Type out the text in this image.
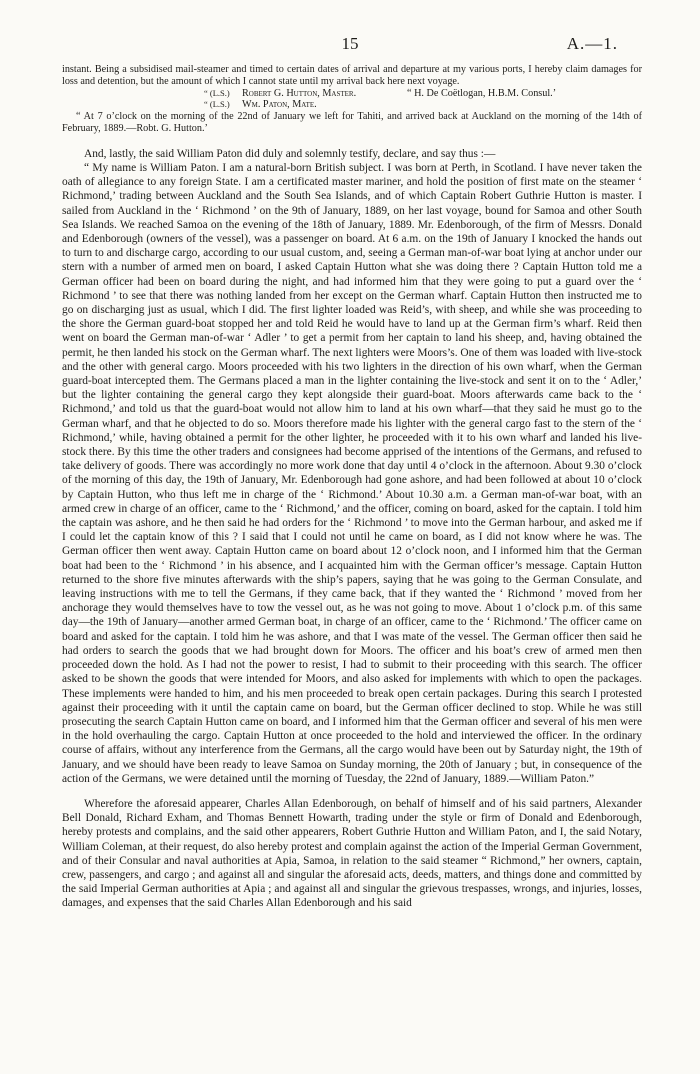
15	A.—1.

instant. Being a subsidised mail-steamer and timed to certain dates of arrival and departure at my various ports, I hereby claim damages for loss and detention, but the amount of which I cannot state until my arrival back here next voyage.

“ (L.S.)	Robert G. Hutton, Master.	“ H. De Coëtlogan, H.B.M. Consul.’
“ (L.S.)	Wm. Paton, Mate.

“ At 7 o’clock on the morning of the 22nd of January we left for Tahiti, and arrived back at Auckland on the morning of the 14th of February, 1889.—Robt. G. Hutton.’

And, lastly, the said William Paton did duly and solemnly testify, declare, and say thus :—

“ My name is William Paton. I am a natural-born British subject. I was born at Perth, in Scotland. I have never taken the oath of allegiance to any foreign State. I am a certificated master mariner, and hold the position of first mate on the steamer ‘ Richmond,’ trading between Auckland and the South Sea Islands, and of which Captain Robert Guthrie Hutton is master. I sailed from Auckland in the ‘ Richmond ’ on the 9th of January, 1889, on her last voyage, bound for Samoa and other South Sea Islands. We reached Samoa on the evening of the 18th of January, 1889. Mr. Edenborough, of the firm of Messrs. Donald and Edenborough (owners of the vessel), was a passenger on board. At 6 a.m. on the 19th of January I knocked the hands out to turn to and discharge cargo, according to our usual custom, and, seeing a German man-of-war boat lying at anchor under our stern with a number of armed men on board, I asked Captain Hutton what she was doing there ? Captain Hutton told me a German officer had been on board during the night, and had informed him that they were going to put a guard over the ‘ Richmond ’ to see that there was nothing landed from her except on the German wharf. Captain Hutton then instructed me to go on discharging just as usual, which I did. The first lighter loaded was Reid’s, with sheep, and while she was proceeding to the shore the German guard-boat stopped her and told Reid he would have to land up at the German firm’s wharf. Reid then went on board the German man-of-war ‘ Adler ’ to get a permit from her captain to land his sheep, and, having obtained the permit, he then landed his stock on the German wharf. The next lighters were Moors’s. One of them was loaded with live-stock and the other with general cargo. Moors proceeded with his two lighters in the direction of his own wharf, when the German guard-boat intercepted them. The Germans placed a man in the lighter containing the live-stock and sent it on to the ‘ Adler,’ but the lighter containing the general cargo they kept alongside their guard-boat. Moors afterwards came back to the ‘ Richmond,’ and told us that the guard-boat would not allow him to land at his own wharf—that they said he must go to the German wharf, and that he objected to do so. Moors therefore made his lighter with the general cargo fast to the stern of the ‘ Richmond,’ while, having obtained a permit for the other lighter, he proceeded with it to his own wharf and landed his live-stock there. By this time the other traders and consignees had become apprised of the intentions of the Germans, and refused to take delivery of goods. There was accordingly no more work done that day until 4 o’clock in the afternoon. About 9.30 o’clock of the morning of this day, the 19th of January, Mr. Edenborough had gone ashore, and had been followed at about 10 o’clock by Captain Hutton, who thus left me in charge of the ‘ Richmond.’ About 10.30 a.m. a German man-of-war boat, with an armed crew in charge of an officer, came to the ‘ Richmond,’ and the officer, coming on board, asked for the captain. I told him the captain was ashore, and he then said he had orders for the ‘ Richmond ’ to move into the German harbour, and asked me if I could let the captain know of this ? I said that I could not until he came on board, as I did not know where he was. The German officer then went away. Captain Hutton came on board about 12 o’clock noon, and I informed him that the German boat had been to the ‘ Richmond ’ in his absence, and I acquainted him with the German officer’s message. Captain Hutton returned to the shore five minutes afterwards with the ship’s papers, saying that he was going to the German Consulate, and leaving instructions with me to tell the Germans, if they came back, that if they wanted the ‘ Richmond ’ moved from her anchorage they would themselves have to tow the vessel out, as he was not going to move. About 1 o’clock p.m. of this same day—the 19th of January—another armed German boat, in charge of an officer, came to the ‘ Richmond.’ The officer came on board and asked for the captain. I told him he was ashore, and that I was mate of the vessel. The German officer then said he had orders to search the goods that we had brought down for Moors. The officer and his boat’s crew of armed men then proceeded down the hold. As I had not the power to resist, I had to submit to their proceeding with this search. The officer asked to be shown the goods that were intended for Moors, and also asked for implements with which to open the packages. These implements were handed to him, and his men proceeded to break open certain packages. During this search I protested against their proceeding with it until the captain came on board, but the German officer declined to stop. While he was still prosecuting the search Captain Hutton came on board, and I informed him that the German officer and several of his men were in the hold overhauling the cargo. Captain Hutton at once proceeded to the hold and interviewed the officer. In the ordinary course of affairs, without any interference from the Germans, all the cargo would have been out by Saturday night, the 19th of January, and we should have been ready to leave Samoa on Sunday morning, the 20th of January ; but, in consequence of the action of the Germans, we were detained until the morning of Tuesday, the 22nd of January, 1889.—William Paton.”

Wherefore the aforesaid appearer, Charles Allan Edenborough, on behalf of himself and of his said partners, Alexander Bell Donald, Richard Exham, and Thomas Bennett Howarth, trading under the style or firm of Donald and Edenborough, hereby protests and complains, and the said other appearers, Robert Guthrie Hutton and William Paton, and I, the said Notary, William Coleman, at their request, do also hereby protest and complain against the action of the Imperial German Government, and of their Consular and naval authorities at Apia, Samoa, in relation to the said steamer “ Richmond,” her owners, captain, crew, passengers, and cargo ; and against all and singular the aforesaid acts, deeds, matters, and things done and committed by the said Imperial German authorities at Apia ; and against all and singular the grievous trespasses, wrongs, and injuries, losses, damages, and expenses that the said Charles Allan Edenborough and his said
